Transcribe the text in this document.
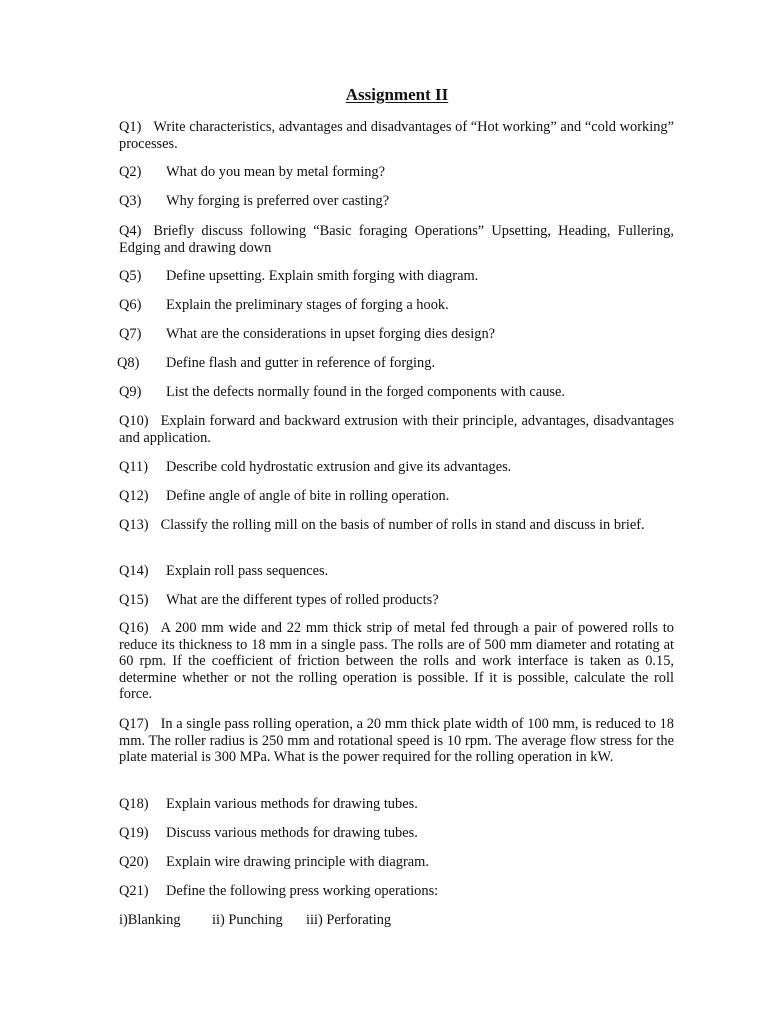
Assignment II

Q1) Write characteristics, advantages and disadvantages of “Hot working” and “cold working” processes.

Q2) What do you mean by metal forming?

Q3) Why forging is preferred over casting?

Q4) Briefly discuss following “Basic foraging Operations” Upsetting, Heading, Fullering, Edging and drawing down

Q5) Define upsetting. Explain smith forging with diagram.

Q6) Explain the preliminary stages of forging a hook.

Q7) What are the considerations in upset forging dies design?

Q8) Define flash and gutter in reference of forging.

Q9) List the defects normally found in the forged components with cause.

Q10) Explain forward and backward extrusion with their principle, advantages, disadvantages and application.

Q11) Describe cold hydrostatic extrusion and give its advantages.

Q12) Define angle of angle of bite in rolling operation.

Q13) Classify the rolling mill on the basis of number of rolls in stand and discuss in brief.

Q14) Explain roll pass sequences.

Q15) What are the different types of rolled products?

Q16) A 200 mm wide and 22 mm thick strip of metal fed through a pair of powered rolls to reduce its thickness to 18 mm in a single pass. The rolls are of 500 mm diameter and rotating at 60 rpm. If the coefficient of friction between the rolls and work interface is taken as 0.15, determine whether or not the rolling operation is possible. If it is possible, calculate the roll force.

Q17) In a single pass rolling operation, a 20 mm thick plate width of 100 mm, is reduced to 18 mm. The roller radius is 250 mm and rotational speed is 10 rpm. The average flow stress for the plate material is 300 MPa. What is the power required for the rolling operation in kW.

Q18) Explain various methods for drawing tubes.

Q19) Discuss various methods for drawing tubes.

Q20) Explain wire drawing principle with diagram.

Q21) Define the following press working operations:

i)Blanking ii) Punching iii) Perforating
